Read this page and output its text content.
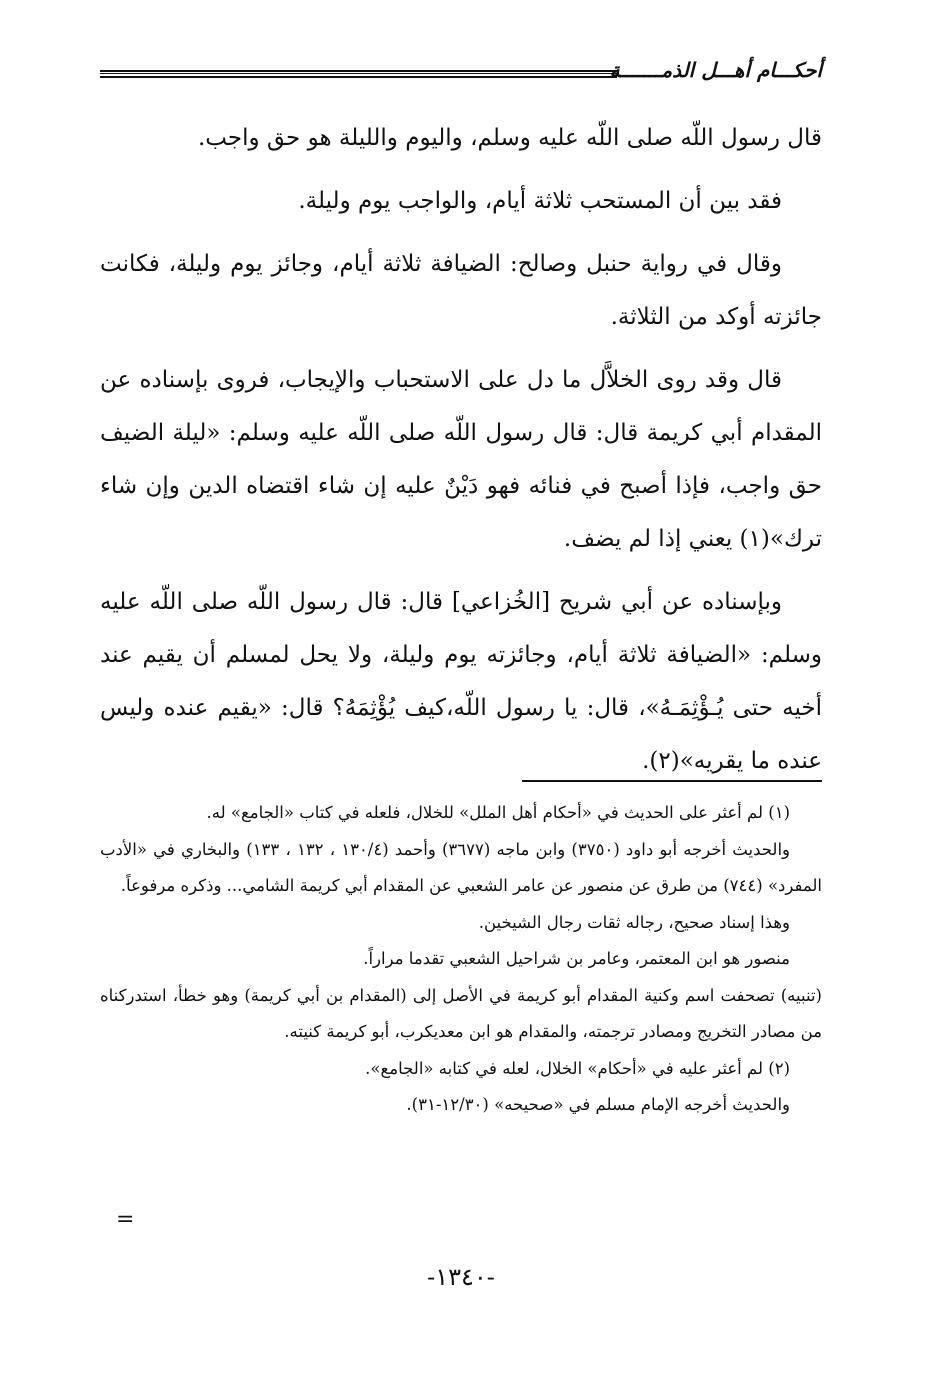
أحكـــام أهـــل الذمـــــــة

قال رسول اللّه صلى اللّه عليه وسلم، واليوم والليلة هو حق واجب.

فقد بين أن المستحب ثلاثة أيام، والواجب يوم وليلة.

وقال في رواية حنبل وصالح: الضيافة ثلاثة أيام، وجائز يوم وليلة، فكانت جائزته أوكد من الثلاثة.

قال وقد روى الخلاَّل ما دل على الاستحباب والإيجاب، فروى بإسناده عن المقدام أبي كريمة قال: قال رسول اللّه صلى اللّه عليه وسلم: «ليلة الضيف حق واجب، فإذا أصبح في فنائه فهو دَيْنٌ عليه إن شاء اقتضاه الدين وإن شاء ترك»(١) يعني إذا لم يضف.

وبإسناده عن أبي شريح [الخُزاعي] قال: قال رسول اللّه صلى اللّه عليه وسلم: «الضيافة ثلاثة أيام، وجائزته يوم وليلة، ولا يحل لمسلم أن يقيم عند أخيه حتى يُـؤْثِمَـهُ»، قال: يا رسول اللّه،كيف يُؤْثِمَهُ؟ قال: «يقيم عنده وليس عنده ما يقريه»(٢).

(١) لم أعثر على الحديث في «أحكام أهل الملل» للخلال، فلعله في كتاب «الجامع» له.

والحديث أخرجه أبو داود (٣٧٥٠) وابن ماجه (٣٦٧٧) وأحمد (١٣٠/٤ ، ١٣٢ ، ١٣٣) والبخاري في «الأدب المفرد» (٧٤٤) من طرق عن منصور عن عامر الشعبي عن المقدام أبي كريمة الشامي... وذكره مرفوعاً.

وهذا إسناد صحيح، رجاله ثقات رجال الشيخين.

منصور هو ابن المعتمر، وعامر بن شراحيل الشعبي تقدما مراراً.

(تنبيه) تصحفت اسم وكنية المقدام أبو كريمة في الأصل إلى (المقدام بن أبي كريمة) وهو خطأ، استدركناه من مصادر التخريج ومصادر ترجمته، والمقدام هو ابن معديكرب، أبو كريمة كنيته.

(٢) لم أعثر عليه في «أحكام» الخلال، لعله في كتابه «الجامع».

والحديث أخرجه الإمام مسلم في «صحيحه» (١٢/٣٠-٣١).

=
-١٣٤٠-
